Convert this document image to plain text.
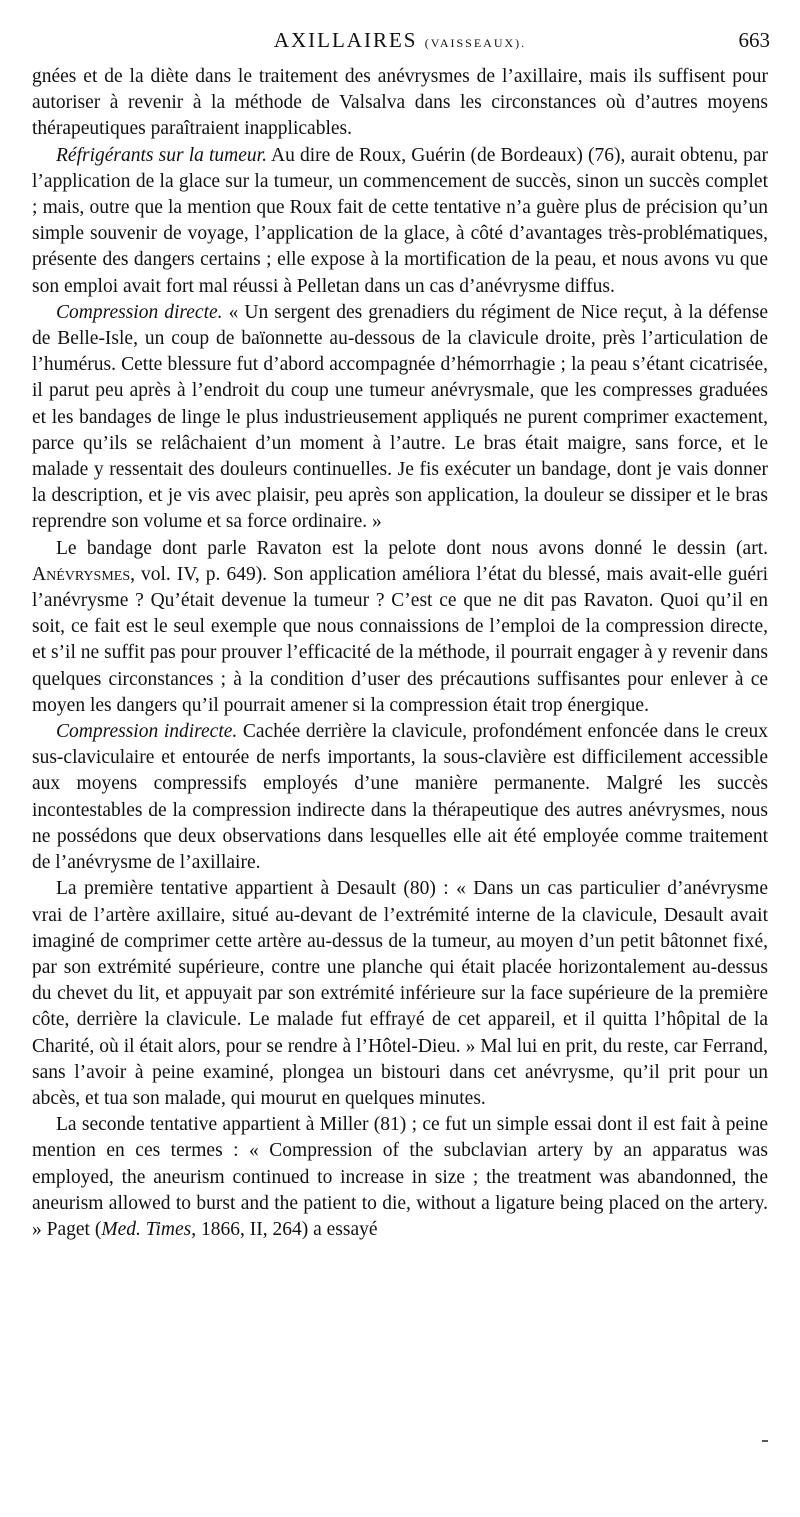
AXILLAIRES (VAISSEAUX).	663

gnées et de la diète dans le traitement des anévrysmes de l’axillaire, mais ils suffisent pour autoriser à revenir à la méthode de Valsalva dans les circonstances où d’autres moyens thérapeutiques paraîtraient inapplicables.

Réfrigérants sur la tumeur. Au dire de Roux, Guérin (de Bordeaux) (76), aurait obtenu, par l’application de la glace sur la tumeur, un commencement de succès, sinon un succès complet ; mais, outre que la mention que Roux fait de cette tentative n’a guère plus de précision qu’un simple souvenir de voyage, l’application de la glace, à côté d’avantages très-problématiques, présente des dangers certains ; elle expose à la mortification de la peau, et nous avons vu que son emploi avait fort mal réussi à Pelletan dans un cas d’anévrysme diffus.

Compression directe. « Un sergent des grenadiers du régiment de Nice reçut, à la défense de Belle-Isle, un coup de baïonnette au-dessous de la clavicule droite, près l’articulation de l’humérus. Cette blessure fut d’abord accompagnée d’hémorrhagie ; la peau s’étant cicatrisée, il parut peu après à l’endroit du coup une tumeur anévrysmale, que les compresses graduées et les bandages de linge le plus industrieusement appliqués ne purent comprimer exactement, parce qu’ils se relâchaient d’un moment à l’autre. Le bras était maigre, sans force, et le malade y ressentait des douleurs continuelles. Je fis exécuter un bandage, dont je vais donner la description, et je vis avec plaisir, peu après son application, la douleur se dissiper et le bras reprendre son volume et sa force ordinaire. »

Le bandage dont parle Ravaton est la pelote dont nous avons donné le dessin (art. Anévrysmes, vol. IV, p. 649). Son application améliora l’état du blessé, mais avait-elle guéri l’anévrysme ? Qu’était devenue la tumeur ? C’est ce que ne dit pas Ravaton. Quoi qu’il en soit, ce fait est le seul exemple que nous connaissions de l’emploi de la compression directe, et s’il ne suffit pas pour prouver l’efficacité de la méthode, il pourrait engager à y revenir dans quelques circonstances ; à la condition d’user des précautions suffisantes pour enlever à ce moyen les dangers qu’il pourrait amener si la compression était trop énergique.

Compression indirecte. Cachée derrière la clavicule, profondément enfoncée dans le creux sus-claviculaire et entourée de nerfs importants, la sous-clavière est difficilement accessible aux moyens compressifs employés d’une manière permanente. Malgré les succès incontestables de la compression indirecte dans la thérapeutique des autres anévrysmes, nous ne possédons que deux observations dans lesquelles elle ait été employée comme traitement de l’anévrysme de l’axillaire.

La première tentative appartient à Desault (80) : « Dans un cas particulier d’anévrysme vrai de l’artère axillaire, situé au-devant de l’extrémité interne de la clavicule, Desault avait imaginé de comprimer cette artère au-dessus de la tumeur, au moyen d’un petit bâtonnet fixé, par son extrémité supérieure, contre une planche qui était placée horizontalement au-dessus du chevet du lit, et appuyait par son extrémité inférieure sur la face supérieure de la première côte, derrière la clavicule. Le malade fut effrayé de cet appareil, et il quitta l’hôpital de la Charité, où il était alors, pour se rendre à l’Hôtel-Dieu. » Mal lui en prit, du reste, car Ferrand, sans l’avoir à peine examiné, plongea un bistouri dans cet anévrysme, qu’il prit pour un abcès, et tua son malade, qui mourut en quelques minutes.

La seconde tentative appartient à Miller (81) ; ce fut un simple essai dont il est fait à peine mention en ces termes : « Compression of the subclavian artery by an apparatus was employed, the aneurism continued to increase in size ; the treatment was abandonned, the aneurism allowed to burst and the patient to die, without a ligature being placed on the artery. » Paget (Med. Times, 1866, II, 264) a essayé
